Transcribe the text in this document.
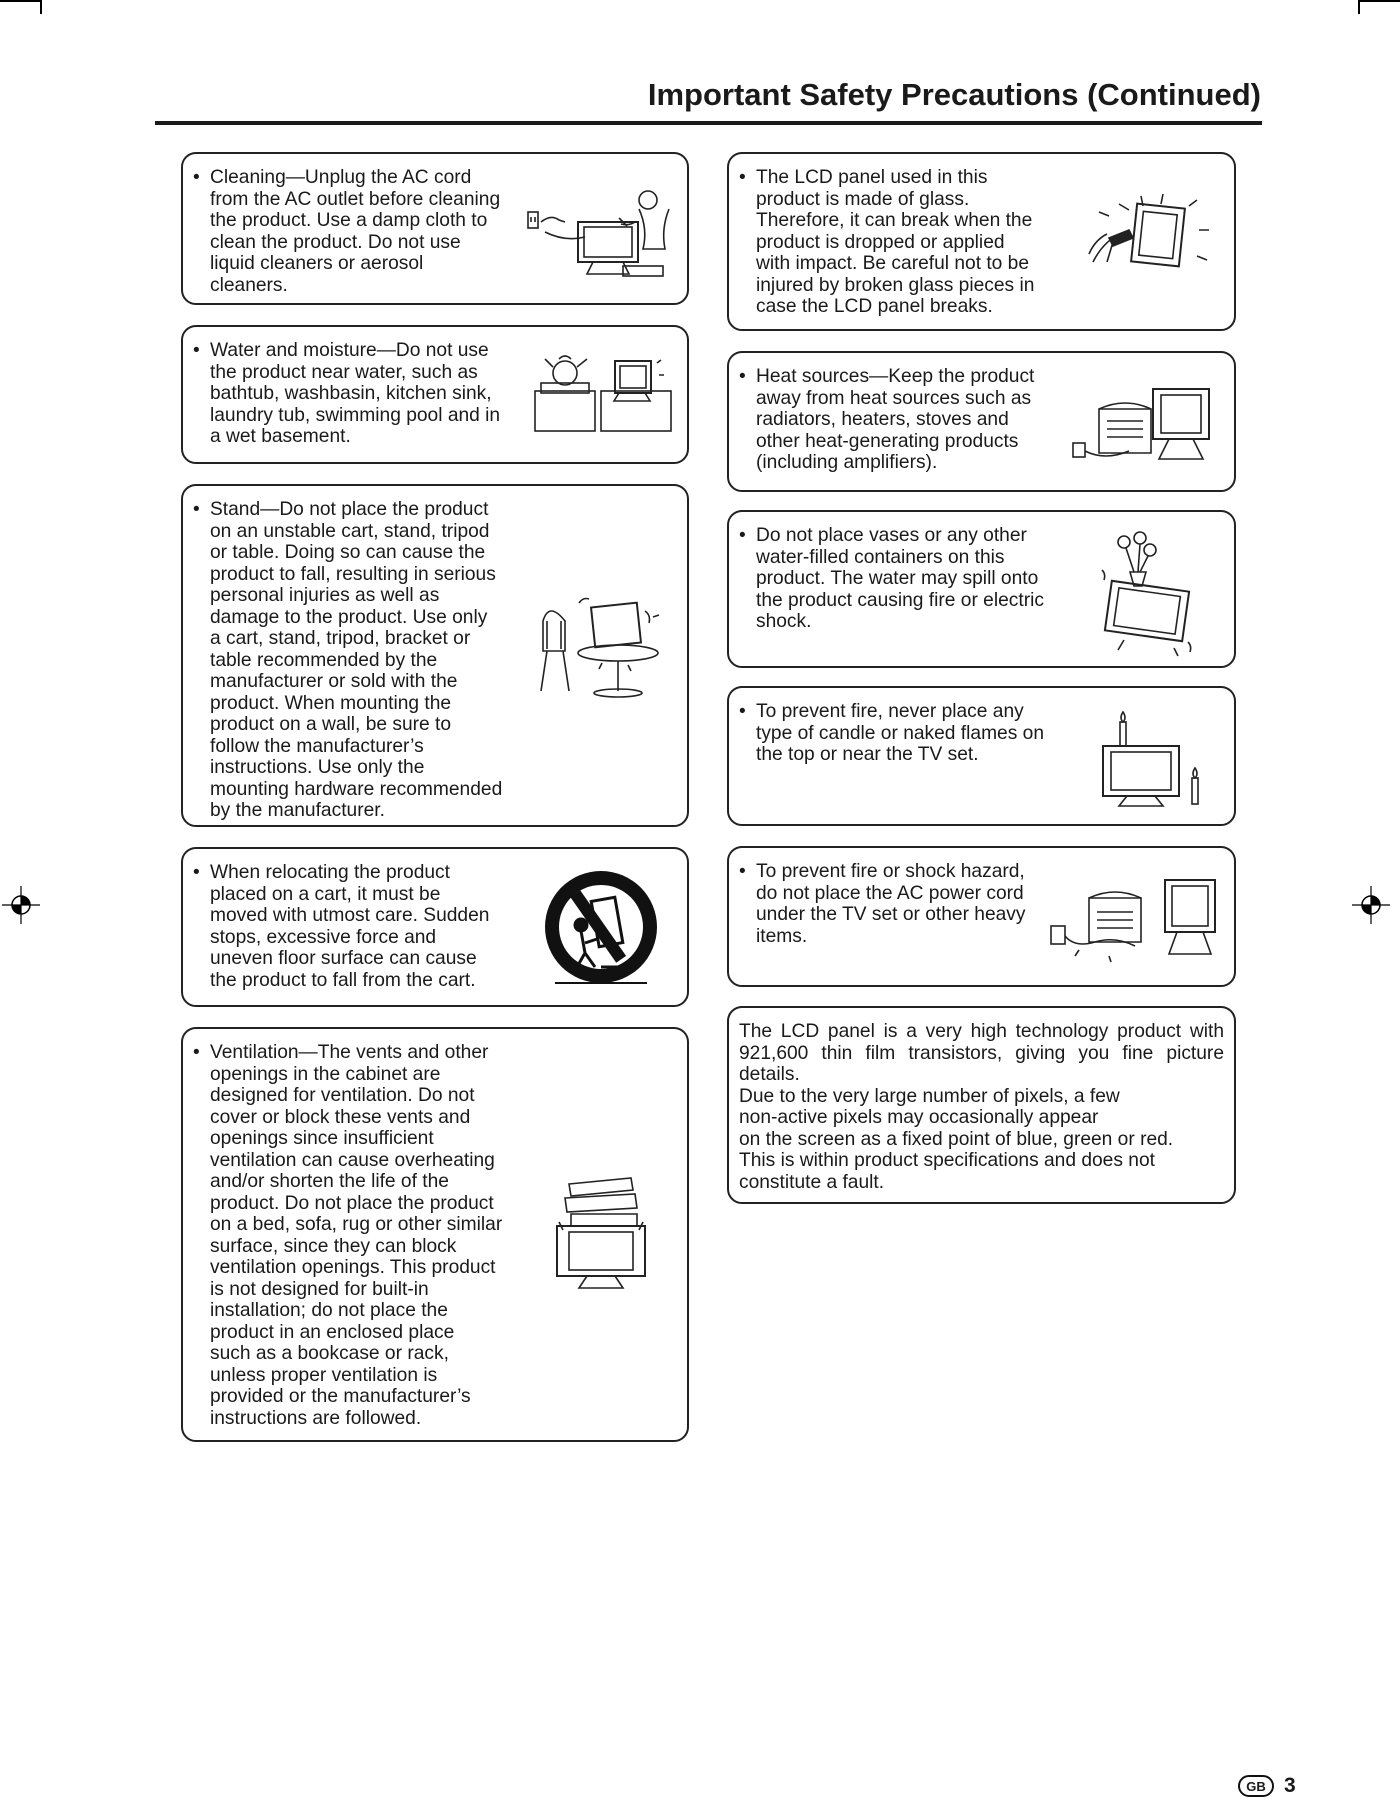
Important Safety Precautions (Continued)
• Cleaning—Unplug the AC cord
from the AC outlet before cleaning
the product. Use a damp cloth to
clean the product. Do not use
liquid cleaners or aerosol
cleaners.
• Water and moisture—Do not use
the product near water, such as
bathtub, washbasin, kitchen sink,
laundry tub, swimming pool and in
a wet basement.
• Stand—Do not place the product
on an unstable cart, stand, tripod
or table. Doing so can cause the
product to fall, resulting in serious
personal injuries as well as
damage to the product. Use only
a cart, stand, tripod, bracket or
table recommended by the
manufacturer or sold with the
product. When mounting the
product on a wall, be sure to
follow the manufacturer’s
instructions. Use only the
mounting hardware recommended
by the manufacturer.
• When relocating the product
placed on a cart, it must be
moved with utmost care. Sudden
stops, excessive force and
uneven floor surface can cause
the product to fall from the cart.
• Ventilation—The vents and other
openings in the cabinet are
designed for ventilation. Do not
cover or block these vents and
openings since insufficient
ventilation can cause overheating
and/or shorten the life of the
product. Do not place the product
on a bed, sofa, rug or other similar
surface, since they can block
ventilation openings. This product
is not designed for built-in
installation; do not place the
product in an enclosed place
such as a bookcase or rack,
unless proper ventilation is
provided or the manufacturer’s
instructions are followed.
• The LCD panel used in this
product is made of glass.
Therefore, it can break when the
product is dropped or applied
with impact. Be careful not to be
injured by broken glass pieces in
case the LCD panel breaks.
• Heat sources—Keep the product
away from heat sources such as
radiators, heaters, stoves and
other heat-generating products
(including amplifiers).
• Do not place vases or any other
water-filled containers on this
product. The water may spill onto
the product causing fire or electric
shock.
• To prevent fire, never place any
type of candle or naked flames on
the top or near the TV set.
• To prevent fire or shock hazard,
do not place the AC power cord
under the TV set or other heavy
items.
The LCD panel is a very high technology product with
921,600 thin film transistors, giving you fine picture
details.
Due to the very large number of pixels, a few
non-active pixels may occasionally appear
on the screen as a fixed point of blue, green or red.
This is within product specifications and does not
constitute a fault.
GB 3
